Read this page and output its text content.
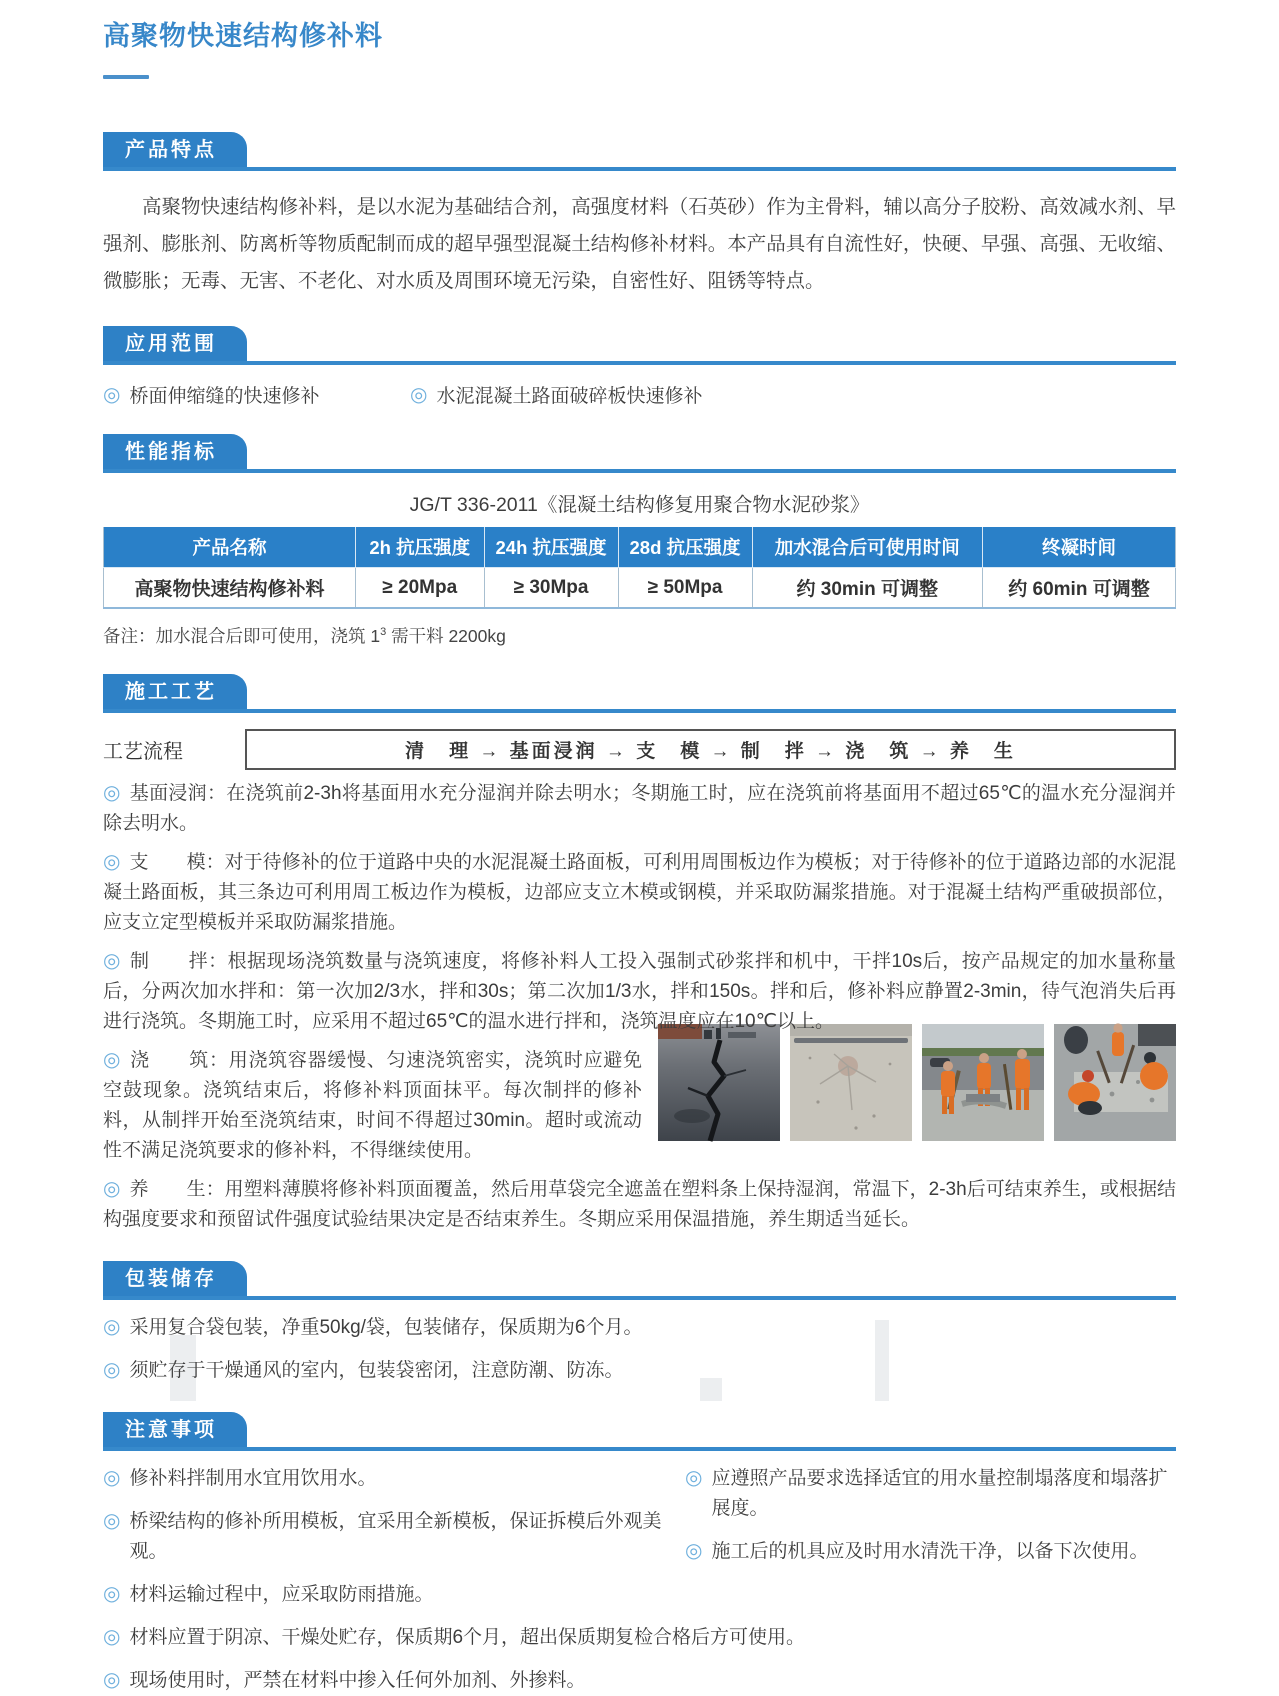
高聚物快速结构修补料
产品特点

高聚物快速结构修补料，是以水泥为基础结合剂，高强度材料（石英砂）作为主骨料，辅以高分子胶粉、高效减水剂、早强剂、膨胀剂、防离析等物质配制而成的超早强型混凝土结构修补材料。本产品具有自流性好，快硬、早强、高强、无收缩、微膨胀；无毒、无害、不老化、对水质及周围环境无污染，自密性好、阻锈等特点。

应用范围
◎ 桥面伸缩缝的快速修补	◎ 水泥混凝土路面破碎板快速修补
性能指标
JG/T 336-2011《混凝土结构修复用聚合物水泥砂浆》
产品名称	2h 抗压强度	24h 抗压强度	28d 抗压强度	加水混合后可使用时间	终凝时间
高聚物快速结构修补料	≥ 20Mpa	≥ 30Mpa	≥ 50Mpa	约 30min 可调整	约 60min 可调整
备注：加水混合后即可使用，浇筑 $1^3$ 需干料 2200kg
施工工艺
工艺流程	清　理 → 基面浸润 → 支　模 → 制　拌 → 浇　筑 → 养　生

◎ 基面浸润：在浇筑前2-3h将基面用水充分湿润并除去明水；冬期施工时，应在浇筑前将基面用不超过65℃的温水充分湿润并除去明水。

◎ 支　　模：对于待修补的位于道路中央的水泥混凝土路面板，可利用周围板边作为模板；对于待修补的位于道路边部的水泥混凝土路面板，其三条边可利用周工板边作为模板，边部应支立木模或钢模，并采取防漏浆措施。对于混凝土结构严重破损部位，应支立定型模板并采取防漏浆措施。

◎ 制　　拌：根据现场浇筑数量与浇筑速度，将修补料人工投入强制式砂浆拌和机中，干拌10s后，按产品规定的加水量称量后，分两次加水拌和：第一次加2/3水，拌和30s；第二次加1/3水，拌和150s。拌和后，修补料应静置2-3min，待气泡消失后再进行浇筑。冬期施工时，应采用不超过65℃的温水进行拌和，浇筑温度应在10℃以上。

◎ 浇　　筑：用浇筑容器缓慢、匀速浇筑密实，浇筑时应避免空鼓现象。浇筑结束后，将修补料顶面抹平。每次制拌的修补料，从制拌开始至浇筑结束，时间不得超过30min。超时或流动性不满足浇筑要求的修补料，不得继续使用。

◎ 养　　生：用塑料薄膜将修补料顶面覆盖，然后用草袋完全遮盖在塑料条上保持湿润，常温下，2-3h后可结束养生，或根据结构强度要求和预留试件强度试验结果决定是否结束养生。冬期应采用保温措施，养生期适当延长。

包装储存
◎ 采用复合袋包装，净重50kg/袋，包装储存，保质期为6个月。
◎ 须贮存于干燥通风的室内，包装袋密闭，注意防潮、防冻。
注意事项
◎ 修补料拌制用水宜用饮用水。
◎ 桥梁结构的修补所用模板，宜采用全新模板，保证拆模后外观美观。
◎ 应遵照产品要求选择适宜的用水量控制塌落度和塌落扩展度。
◎ 施工后的机具应及时用水清洗干净，以备下次使用。
◎ 材料运输过程中，应采取防雨措施。
◎ 材料应置于阴凉、干燥处贮存，保质期6个月，超出保质期复检合格后方可使用。
◎ 现场使用时，严禁在材料中掺入任何外加剂、外掺料。
